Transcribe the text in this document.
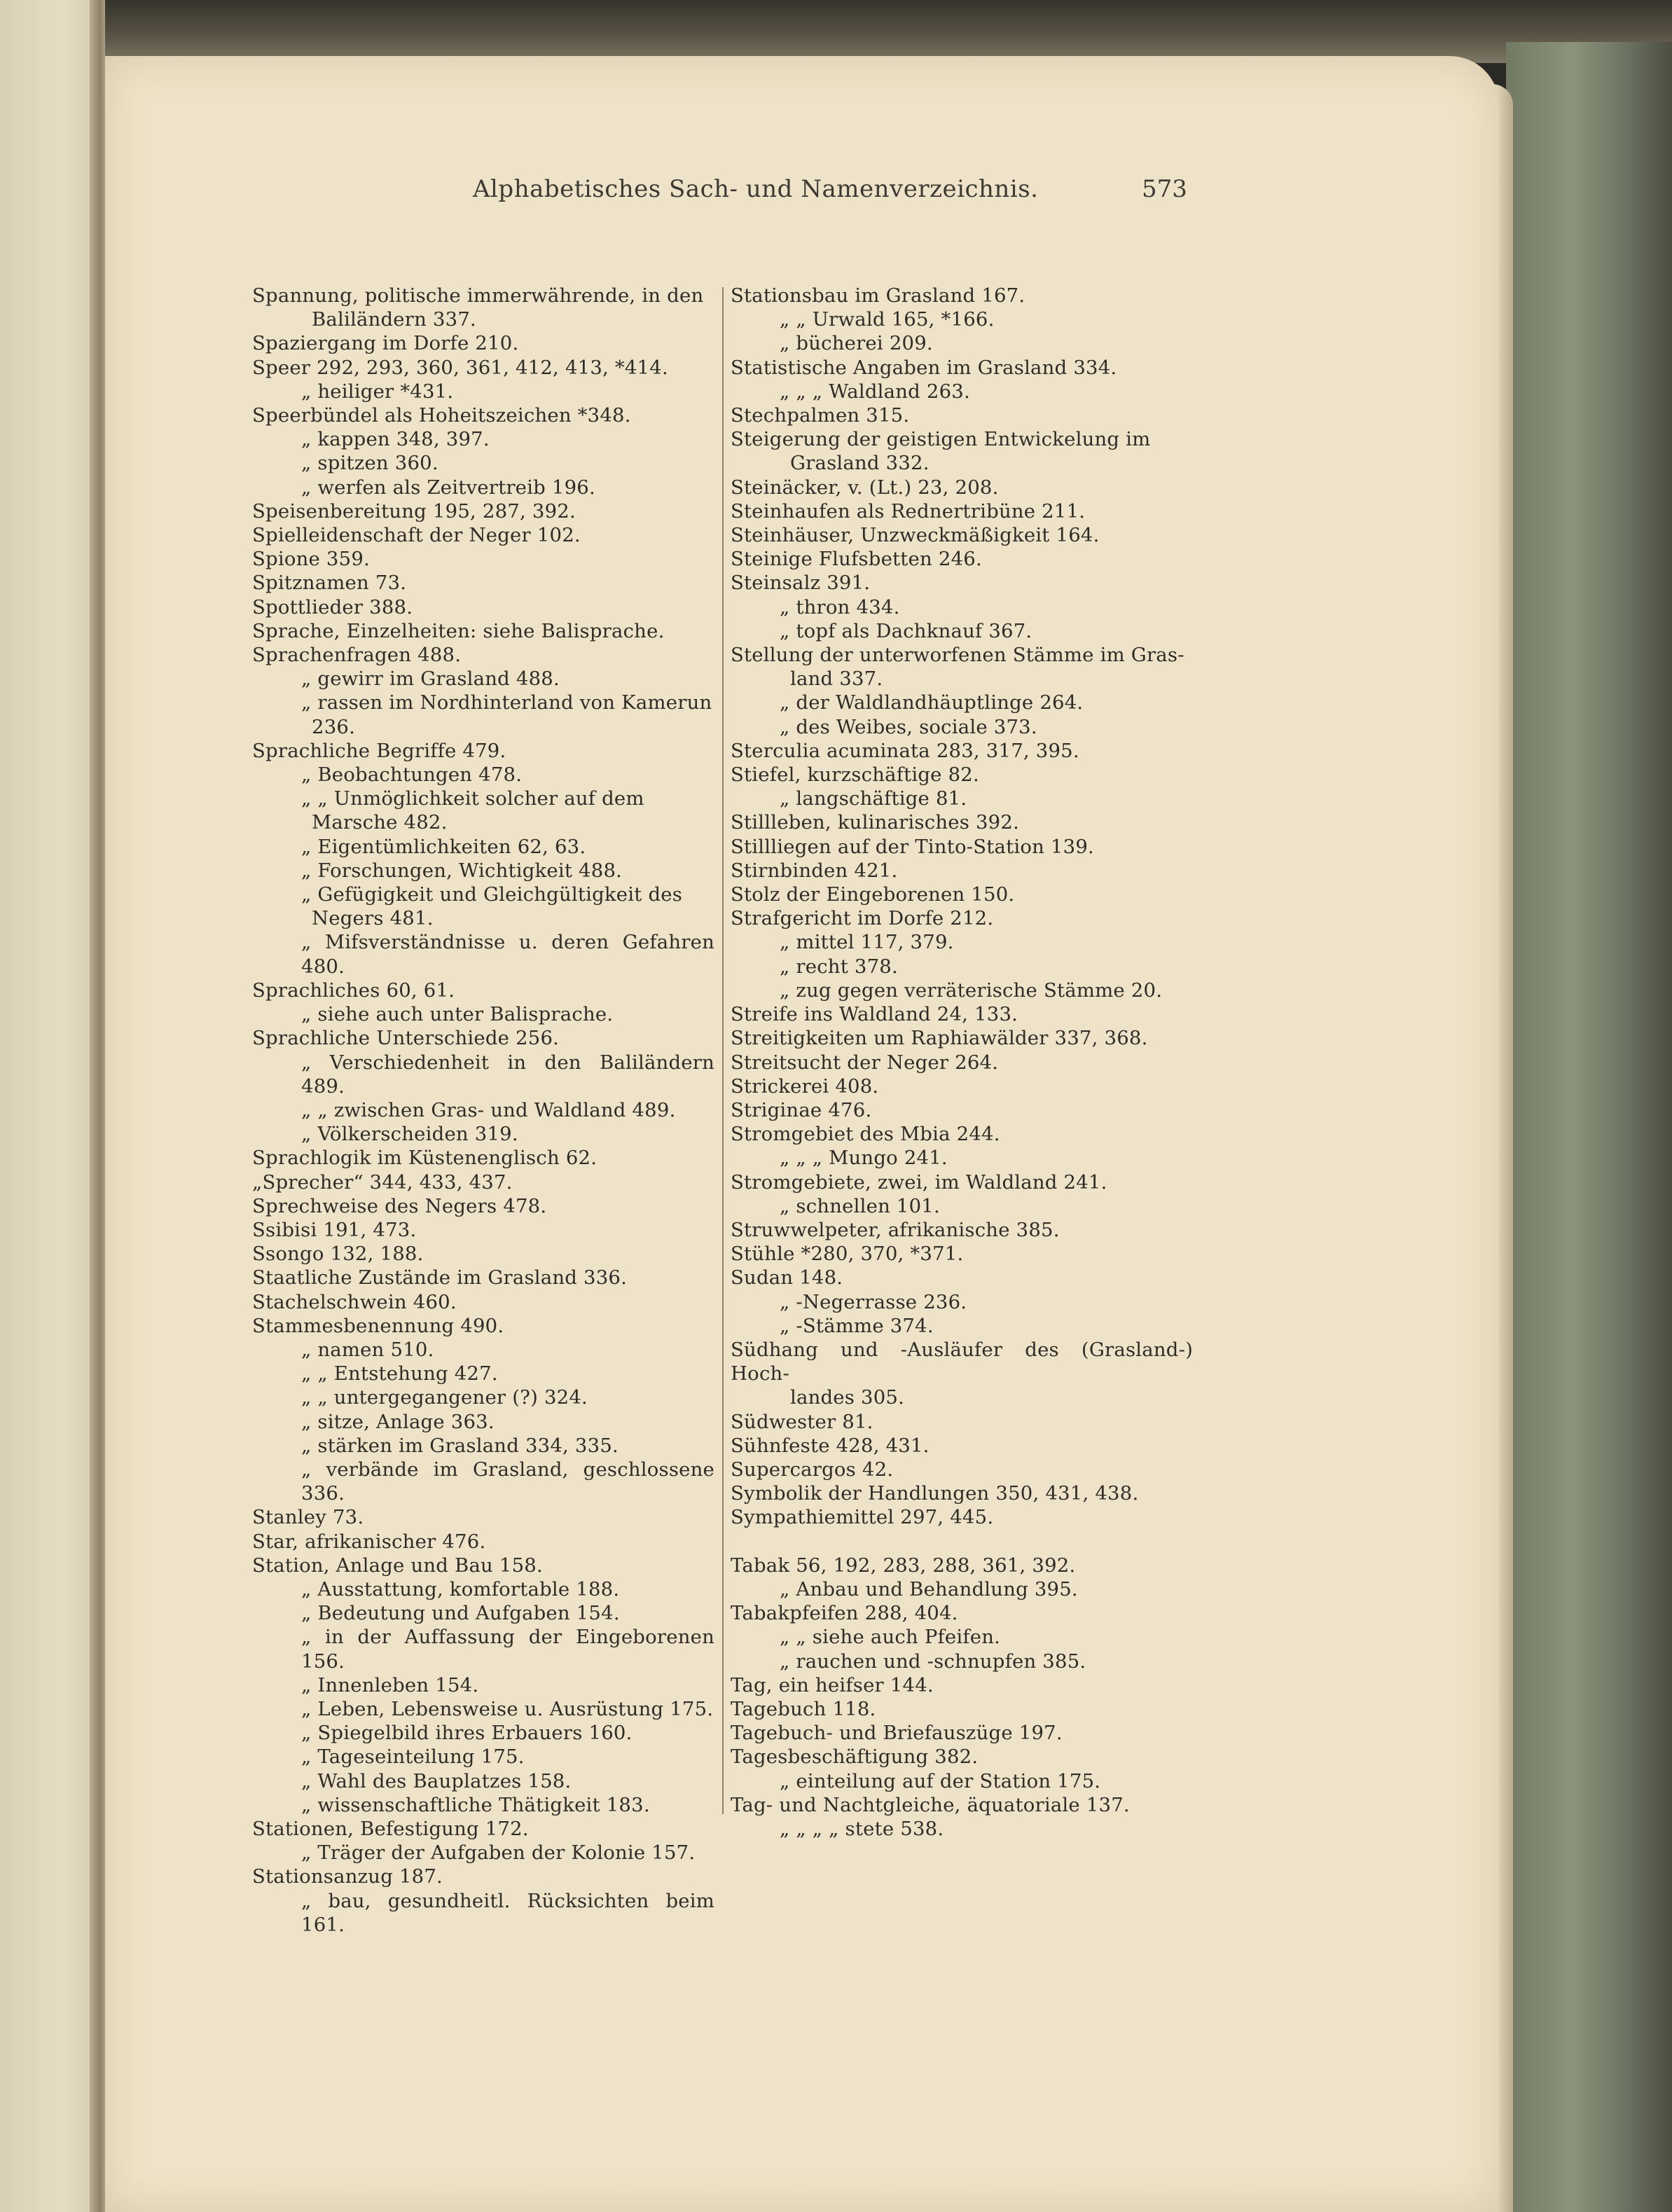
Alphabetisches Sach- und Namenverzeichnis.	573
Spannung, politische immerwährende, in den
Baliländern 337.
Spaziergang im Dorfe 210.
Speer 292, 293, 360, 361, 412, 413, *414.
„ heiliger *431.
Speerbündel als Hoheitszeichen *348.
„ kappen 348, 397.
„ spitzen 360.
„ werfen als Zeitvertreib 196.
Speisenbereitung 195, 287, 392.
Spielleidenschaft der Neger 102.
Spione 359.
Spitznamen 73.
Spottlieder 388.
Sprache, Einzelheiten: siehe Balisprache.
Sprachenfragen 488.
„ gewirr im Grasland 488.
„ rassen im Nordhinterland von Kamerun
236.
Sprachliche Begriffe 479.
„ Beobachtungen 478.
„ „ Unmöglichkeit solcher auf dem
Marsche 482.
„ Eigentümlichkeiten 62, 63.
„ Forschungen, Wichtigkeit 488.
„ Gefügigkeit und Gleichgültigkeit des
Negers 481.
„ Mifsverständnisse u. deren Gefahren 480.
Sprachliches 60, 61.
„ siehe auch unter Balisprache.
Sprachliche Unterschiede 256.
„ Verschiedenheit in den Baliländern 489.
„ „ zwischen Gras- und Waldland 489.
„ Völkerscheiden 319.
Sprachlogik im Küstenenglisch 62.
„Sprecher“ 344, 433, 437.
Sprechweise des Negers 478.
Ssibisi 191, 473.
Ssongo 132, 188.
Staatliche Zustände im Grasland 336.
Stachelschwein 460.
Stammesbenennung 490.
„ namen 510.
„ „ Entstehung 427.
„ „ untergegangener (?) 324.
„ sitze, Anlage 363.
„ stärken im Grasland 334, 335.
„ verbände im Grasland, geschlossene 336.
Stanley 73.
Star, afrikanischer 476.
Station, Anlage und Bau 158.
„ Ausstattung, komfortable 188.
„ Bedeutung und Aufgaben 154.
„ in der Auffassung der Eingeborenen 156.
„ Innenleben 154.
„ Leben, Lebensweise u. Ausrüstung 175.
„ Spiegelbild ihres Erbauers 160.
„ Tageseinteilung 175.
„ Wahl des Bauplatzes 158.
„ wissenschaftliche Thätigkeit 183.
Stationen, Befestigung 172.
„ Träger der Aufgaben der Kolonie 157.
Stationsanzug 187.
„ bau, gesundheitl. Rücksichten beim 161.
Stationsbau im Grasland 167.
„ „ Urwald 165, *166.
„ bücherei 209.
Statistische Angaben im Grasland 334.
„ „ „ Waldland 263.
Stechpalmen 315.
Steigerung der geistigen Entwickelung im
Grasland 332.
Steinäcker, v. (Lt.) 23, 208.
Steinhaufen als Rednertribüne 211.
Steinhäuser, Unzweckmäßigkeit 164.
Steinige Flufsbetten 246.
Steinsalz 391.
„ thron 434.
„ topf als Dachknauf 367.
Stellung der unterworfenen Stämme im Gras-
land 337.
„ der Waldlandhäuptlinge 264.
„ des Weibes, sociale 373.
Sterculia acuminata 283, 317, 395.
Stiefel, kurzschäftige 82.
„ langschäftige 81.
Stillleben, kulinarisches 392.
Stillliegen auf der Tinto-Station 139.
Stirnbinden 421.
Stolz der Eingeborenen 150.
Strafgericht im Dorfe 212.
„ mittel 117, 379.
„ recht 378.
„ zug gegen verräterische Stämme 20.
Streife ins Waldland 24, 133.
Streitigkeiten um Raphiawälder 337, 368.
Streitsucht der Neger 264.
Strickerei 408.
Striginae 476.
Stromgebiet des Mbia 244.
„ „ „ Mungo 241.
Stromgebiete, zwei, im Waldland 241.
„ schnellen 101.
Struwwelpeter, afrikanische 385.
Stühle *280, 370, *371.
Sudan 148.
„ -Negerrasse 236.
„ -Stämme 374.
Südhang und -Ausläufer des (Grasland-) Hoch-
landes 305.
Südwester 81.
Sühnfeste 428, 431.
Supercargos 42.
Symbolik der Handlungen 350, 431, 438.
Sympathiemittel 297, 445.
Tabak 56, 192, 283, 288, 361, 392.
„ Anbau und Behandlung 395.
Tabakpfeifen 288, 404.
„ „ siehe auch Pfeifen.
„ rauchen und -schnupfen 385.
Tag, ein heifser 144.
Tagebuch 118.
Tagebuch- und Briefauszüge 197.
Tagesbeschäftigung 382.
„ einteilung auf der Station 175.
Tag- und Nachtgleiche, äquatoriale 137.
„ „ „ „ stete 538.
